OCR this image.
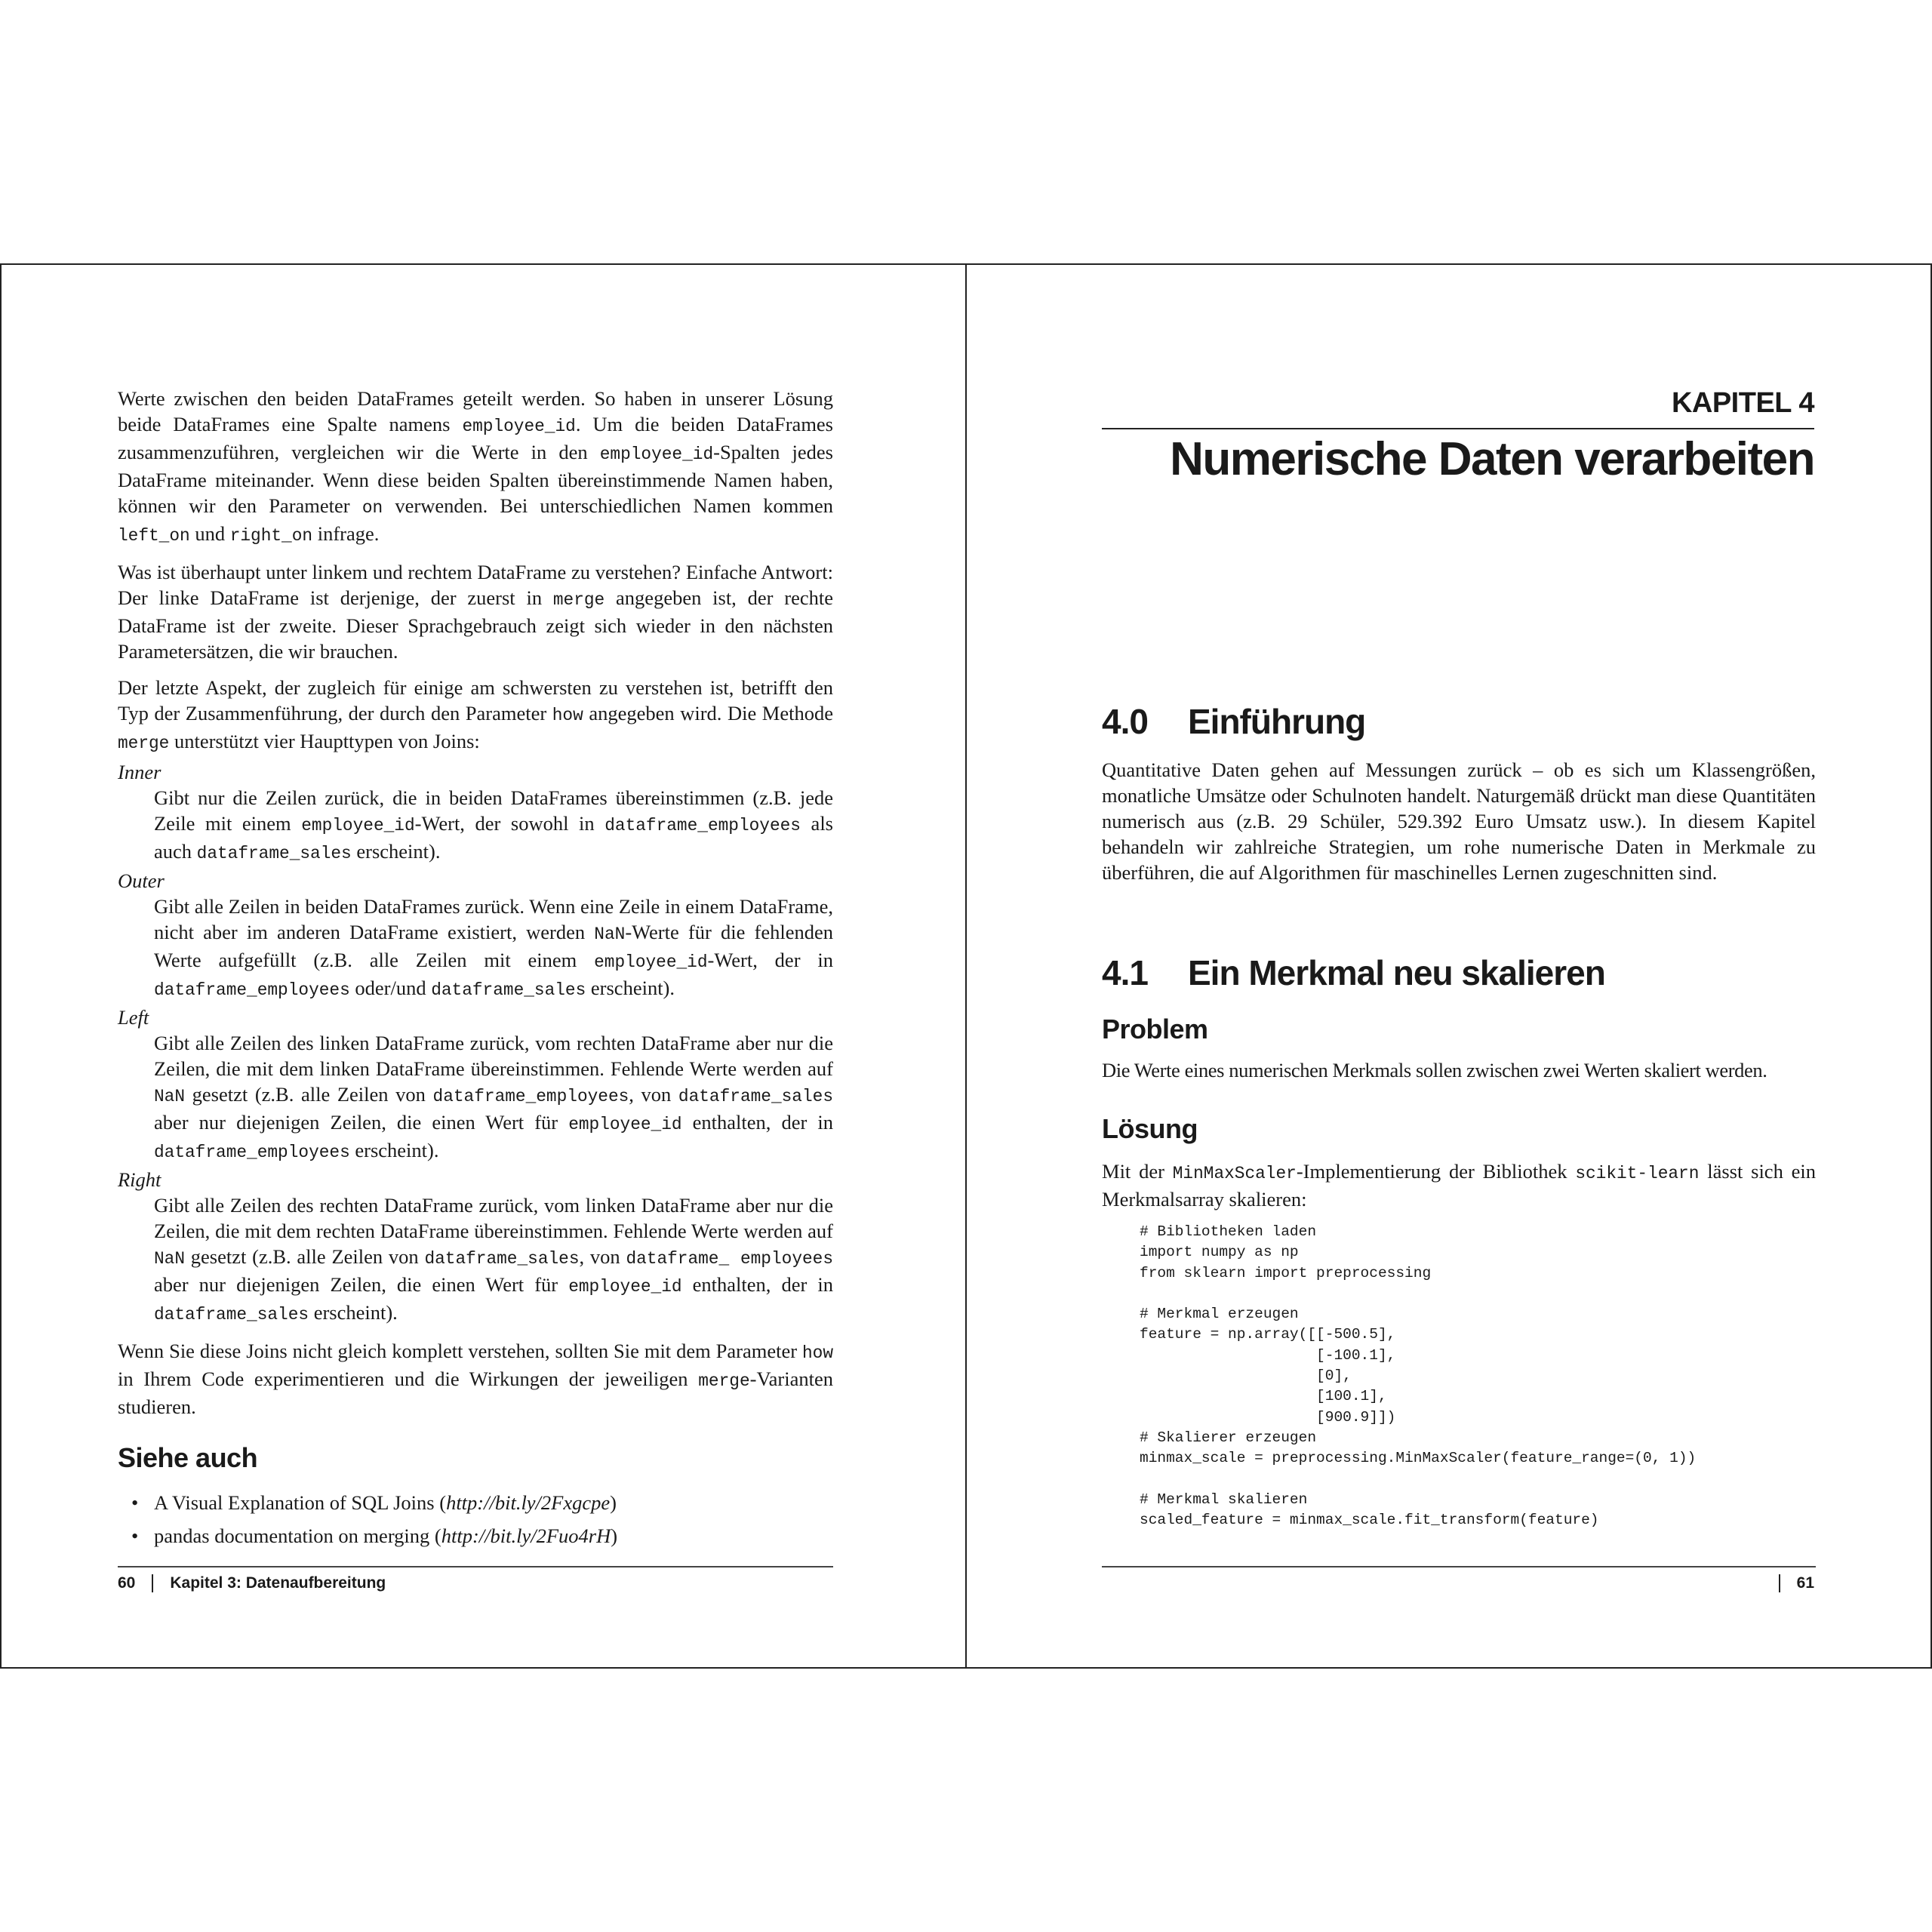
Werte zwischen den beiden DataFrames geteilt werden. So haben in unserer Lösung beide DataFrames eine Spalte namens employee_id. Um die beiden DataFrames zusammenzuführen, vergleichen wir die Werte in den employee_id-Spalten jedes DataFrame miteinander. Wenn diese beiden Spalten übereinstimmende Namen haben, können wir den Parameter on verwenden. Bei unterschiedlichen Namen kommen left_on und right_on infrage.

Was ist überhaupt unter linkem und rechtem DataFrame zu verstehen? Einfache Antwort: Der linke DataFrame ist derjenige, der zuerst in merge angegeben ist, der rechte DataFrame ist der zweite. Dieser Sprachgebrauch zeigt sich wieder in den nächsten Parametersätzen, die wir brauchen.

Der letzte Aspekt, der zugleich für einige am schwersten zu verstehen ist, betrifft den Typ der Zusammenführung, der durch den Parameter how angegeben wird. Die Methode merge unterstützt vier Haupttypen von Joins:

Inner
Gibt nur die Zeilen zurück, die in beiden DataFrames übereinstimmen (z.B. jede Zeile mit einem employee_id-Wert, der sowohl in dataframe_employees als auch dataframe_sales erscheint).
Outer
Gibt alle Zeilen in beiden DataFrames zurück. Wenn eine Zeile in einem DataFrame, nicht aber im anderen DataFrame existiert, werden NaN-Werte für die fehlenden Werte aufgefüllt (z.B. alle Zeilen mit einem employee_id-Wert, der in dataframe_employees oder/und dataframe_sales erscheint).
Left
Gibt alle Zeilen des linken DataFrame zurück, vom rechten DataFrame aber nur die Zeilen, die mit dem linken DataFrame übereinstimmen. Fehlende Werte werden auf NaN gesetzt (z.B. alle Zeilen von dataframe_employees, von dataframe_sales aber nur diejenigen Zeilen, die einen Wert für employee_id enthalten, der in dataframe_employees erscheint).
Right
Gibt alle Zeilen des rechten DataFrame zurück, vom linken DataFrame aber nur die Zeilen, die mit dem rechten DataFrame übereinstimmen. Fehlende Werte werden auf NaN gesetzt (z.B. alle Zeilen von dataframe_sales, von dataframe_ employees aber nur diejenigen Zeilen, die einen Wert für employee_id enthalten, der in dataframe_sales erscheint).

Wenn Sie diese Joins nicht gleich komplett verstehen, sollten Sie mit dem Parameter how in Ihrem Code experimentieren und die Wirkungen der jeweiligen merge-Varianten studieren.

Siehe auch
• A Visual Explanation of SQL Joins (http://bit.ly/2Fxgcpe)
• pandas documentation on merging (http://bit.ly/2Fuo4rH)
60 Kapitel 3: Datenaufbereitung
KAPITEL 4
Numerische Daten verarbeiten
4.0	Einführung

Quantitative Daten gehen auf Messungen zurück – ob es sich um Klassengrößen, monatliche Umsätze oder Schulnoten handelt. Naturgemäß drückt man diese Quantitäten numerisch aus (z.B. 29 Schüler, 529.392 Euro Umsatz usw.). In diesem Kapitel behandeln wir zahlreiche Strategien, um rohe numerische Daten in Merkmale zu überführen, die auf Algorithmen für maschinelles Lernen zugeschnitten sind.

4.1	Ein Merkmal neu skalieren
Problem

Die Werte eines numerischen Merkmals sollen zwischen zwei Werten skaliert werden.

Lösung

Mit der MinMaxScaler-Implementierung der Bibliothek scikit-learn lässt sich ein Merkmalsarray skalieren:

# Bibliotheken laden
import numpy as np
from sklearn import preprocessing

# Merkmal erzeugen
feature = np.array([[-500.5],
[-100.1],
[0],
[100.1],
[900.9]])
# Skalierer erzeugen
minmax_scale = preprocessing.MinMaxScaler(feature_range=(0, 1))

# Merkmal skalieren
scaled_feature = minmax_scale.fit_transform(feature)
61
